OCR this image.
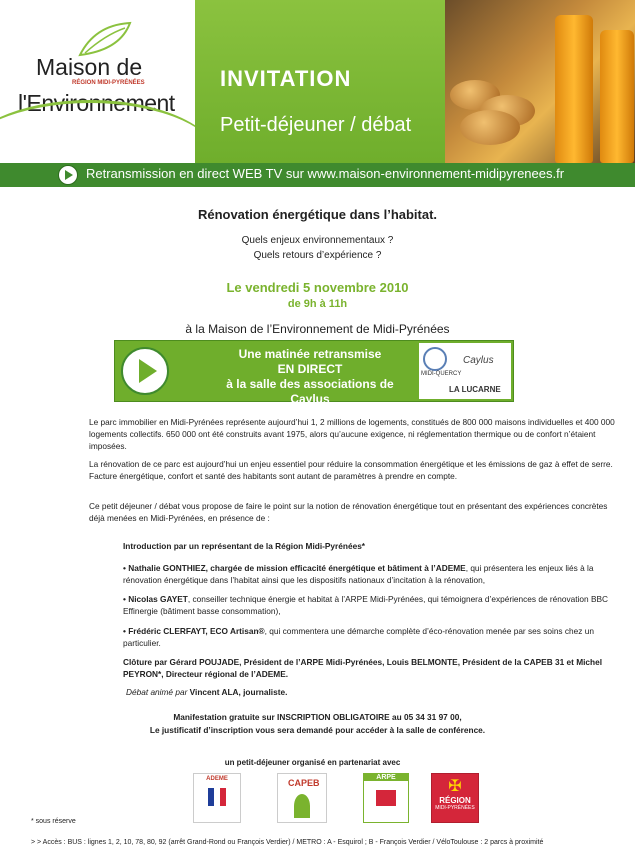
Maison de
RÉGION MIDI-PYRÉNÉES
l'Environnement
INVITATION
Petit-déjeuner / débat
Retransmission en direct WEB TV sur www.maison-environnement-midipyrenees.fr
Rénovation énergétique dans l’habitat.
Quels enjeux environnementaux ?
Quels retours d’expérience ?
Le vendredi 5 novembre 2010
de 9h à 11h
à la Maison de l’Environnement de Midi-Pyrénées
Une matinée retransmise
EN DIRECT
à la salle des associations de Caylus
MIDI-QUERCY
Caylus
LA LUCARNE
Le parc immobilier en Midi-Pyrénées représente aujourd’hui 1, 2 millions de logements, constitués de 800 000 maisons individuelles et 400 000 logements collectifs. 650 000 ont été construits avant 1975, alors qu’aucune exigence, ni réglementation thermique ou de confort n’étaient imposées.
La rénovation de ce parc est aujourd’hui un enjeu essentiel pour réduire la consommation énergétique et les émissions de gaz à effet de serre. Facture énergétique, confort et santé des habitants sont autant de paramètres à prendre en compte.
Ce petit déjeuner / débat vous propose de faire le point sur la notion de rénovation énergétique tout en présentant des expériences concrètes déjà menées en Midi-Pyrénées, en présence de :
Introduction par un représentant de la Région Midi-Pyrénées*
• Nathalie GONTHIEZ, chargée de mission efficacité énergétique et bâtiment à l’ADEME, qui présentera les enjeux liés à la rénovation énergétique dans l’habitat ainsi que les dispositifs nationaux d’incitation à la rénovation,
• Nicolas GAYET, conseiller technique énergie et habitat à l’ARPE Midi-Pyrénées, qui témoignera d’expériences de rénovation BBC Effinergie (bâtiment basse consommation),
• Frédéric CLERFAYT, ECO Artisan®, qui commentera une démarche complète d’éco-rénovation menée par ses soins chez un particulier.
Clôture par Gérard POUJADE, Président de l’ARPE Midi-Pyrénées, Louis BELMONTE, Président de la CAPEB 31 et Michel PEYRON*, Directeur régional de l’ADEME.
Débat animé par Vincent ALA, journaliste.
Manifestation gratuite sur INSCRIPTION OBLIGATOIRE au 05 34 31 97 00,
Le justificatif d’inscription vous sera demandé pour accéder à la salle de conférence.
un petit-déjeuner organisé en partenariat avec
ADEME	CAPEB
ARPE
✠
RÉGION
MIDI-PYRÉNÉES
* sous réserve
> > Accès : BUS : lignes 1, 2, 10, 78, 80, 92 (arrêt Grand-Rond ou François Verdier) / METRO : A - Esquirol ; B - François Verdier / VéloToulouse : 2 parcs à proximité
